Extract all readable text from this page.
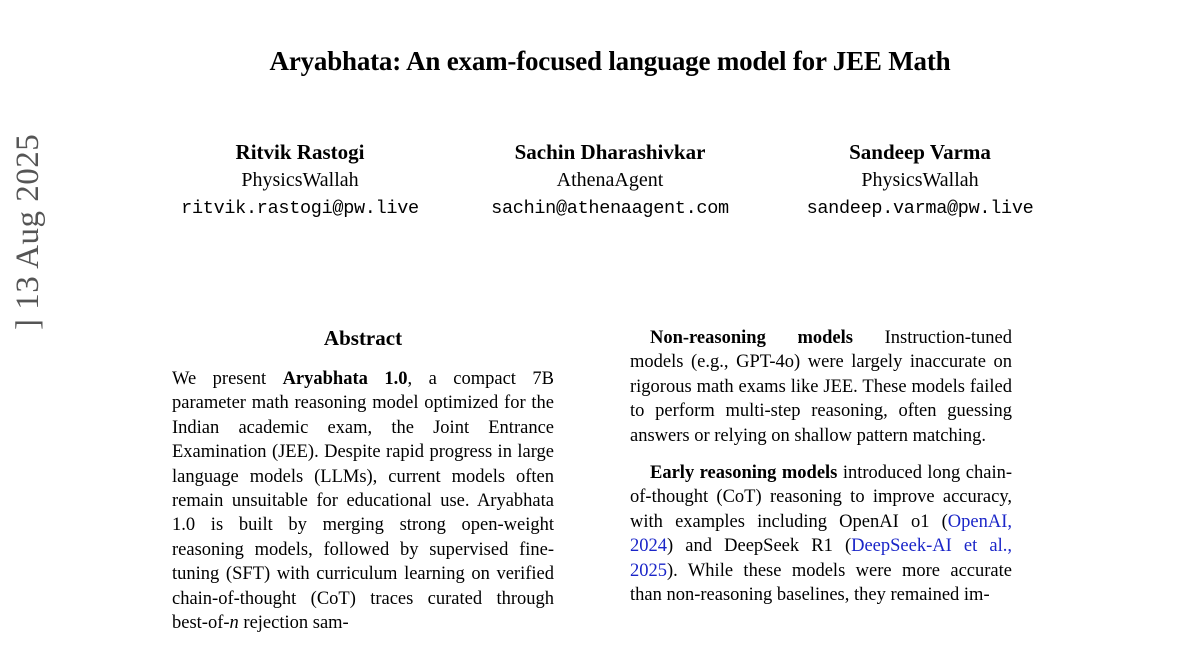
] 13 Aug 2025
Aryabhata: An exam-focused language model for JEE Math
Ritvik Rastogi
PhysicsWallah
ritvik.rastogi@pw.live
Sachin Dharashivkar
AthenaAgent
sachin@athenaagent.com
Sandeep Varma
PhysicsWallah
sandeep.varma@pw.live
Abstract

We present Aryabhata 1.0, a compact 7B parameter math reasoning model optimized for the Indian academic exam, the Joint Entrance Examination (JEE). Despite rapid progress in large language models (LLMs), current models often remain unsuitable for educational use. Aryabhata 1.0 is built by merging strong open-weight reasoning models, followed by supervised fine-tuning (SFT) with curriculum learning on verified chain-of-thought (CoT) traces curated through best-of-n rejection sam-

Non-reasoning models Instruction-tuned models (e.g., GPT-4o) were largely inaccurate on rigorous math exams like JEE. These models failed to perform multi-step reasoning, often guessing answers or relying on shallow pattern matching.

Early reasoning models introduced long chain-of-thought (CoT) reasoning to improve accuracy, with examples including OpenAI o1 (OpenAI, 2024) and DeepSeek R1 (DeepSeek-AI et al., 2025). While these models were more accurate than non-reasoning baselines, they remained im-
